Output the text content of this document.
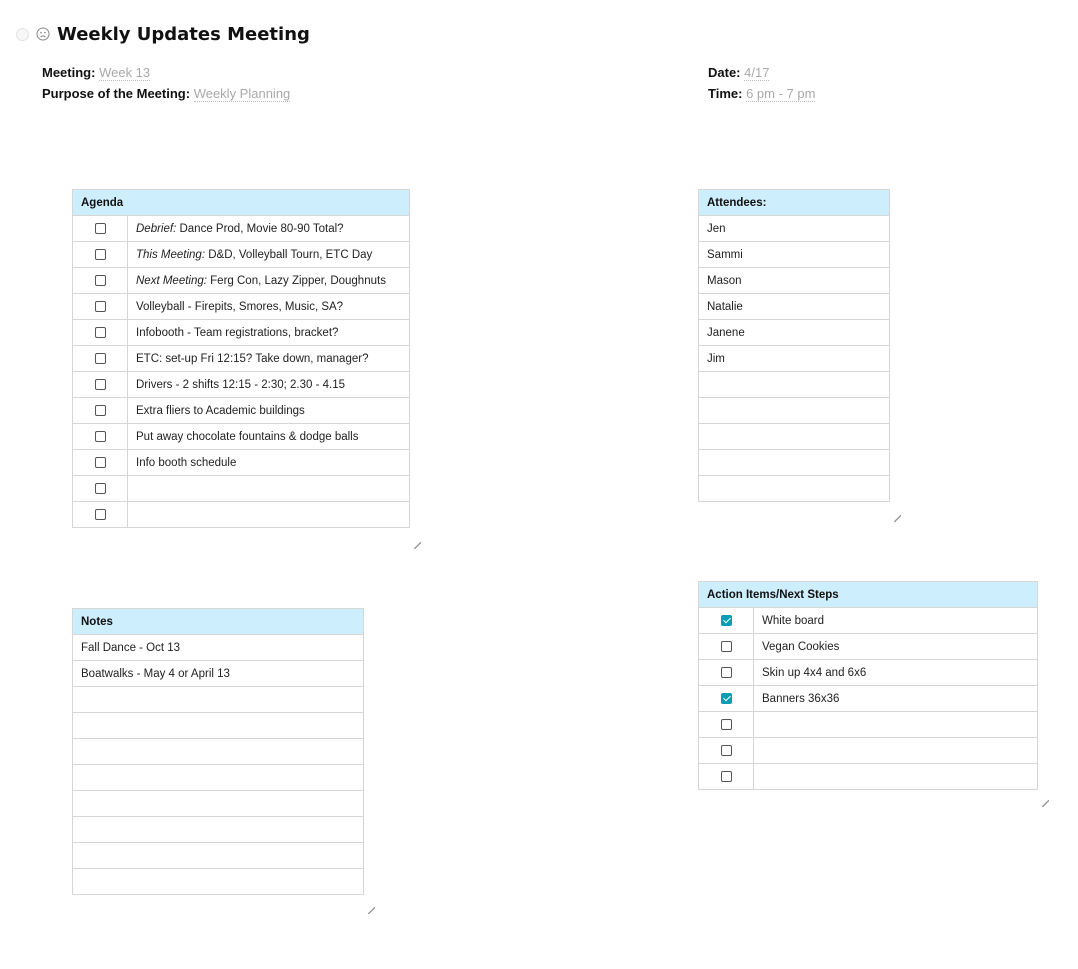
Weekly Updates Meeting
Meeting: Week 13
Purpose of the Meeting: Weekly Planning
Date: 4/17
Time: 6 pm - 7 pm
Agenda	
	Debrief: Dance Prod, Movie 80-90 Total?
	This Meeting: D&D, Volleyball Tourn, ETC Day
	Next Meeting: Ferg Con, Lazy Zipper, Doughnuts
	Volleyball - Firepits, Smores, Music, SA?
	Infobooth - Team registrations, bracket?
	ETC: set-up Fri 12:15? Take down, manager?
	Drivers - 2 shifts 12:15 - 2:30; 2.30 - 4.15
	Extra fliers to Academic buildings
	Put away chocolate fountains & dodge balls
	Info booth schedule

Attendees:
Jen
Sammi
Mason
Natalie
Janene
Jim

Notes
Fall Dance - Oct 13
Boatwalks - May 4 or April 13

Action Items/Next Steps	
	White board
	Vegan Cookies
	Skin up 4x4 and 6x6
	Banners 36x36
